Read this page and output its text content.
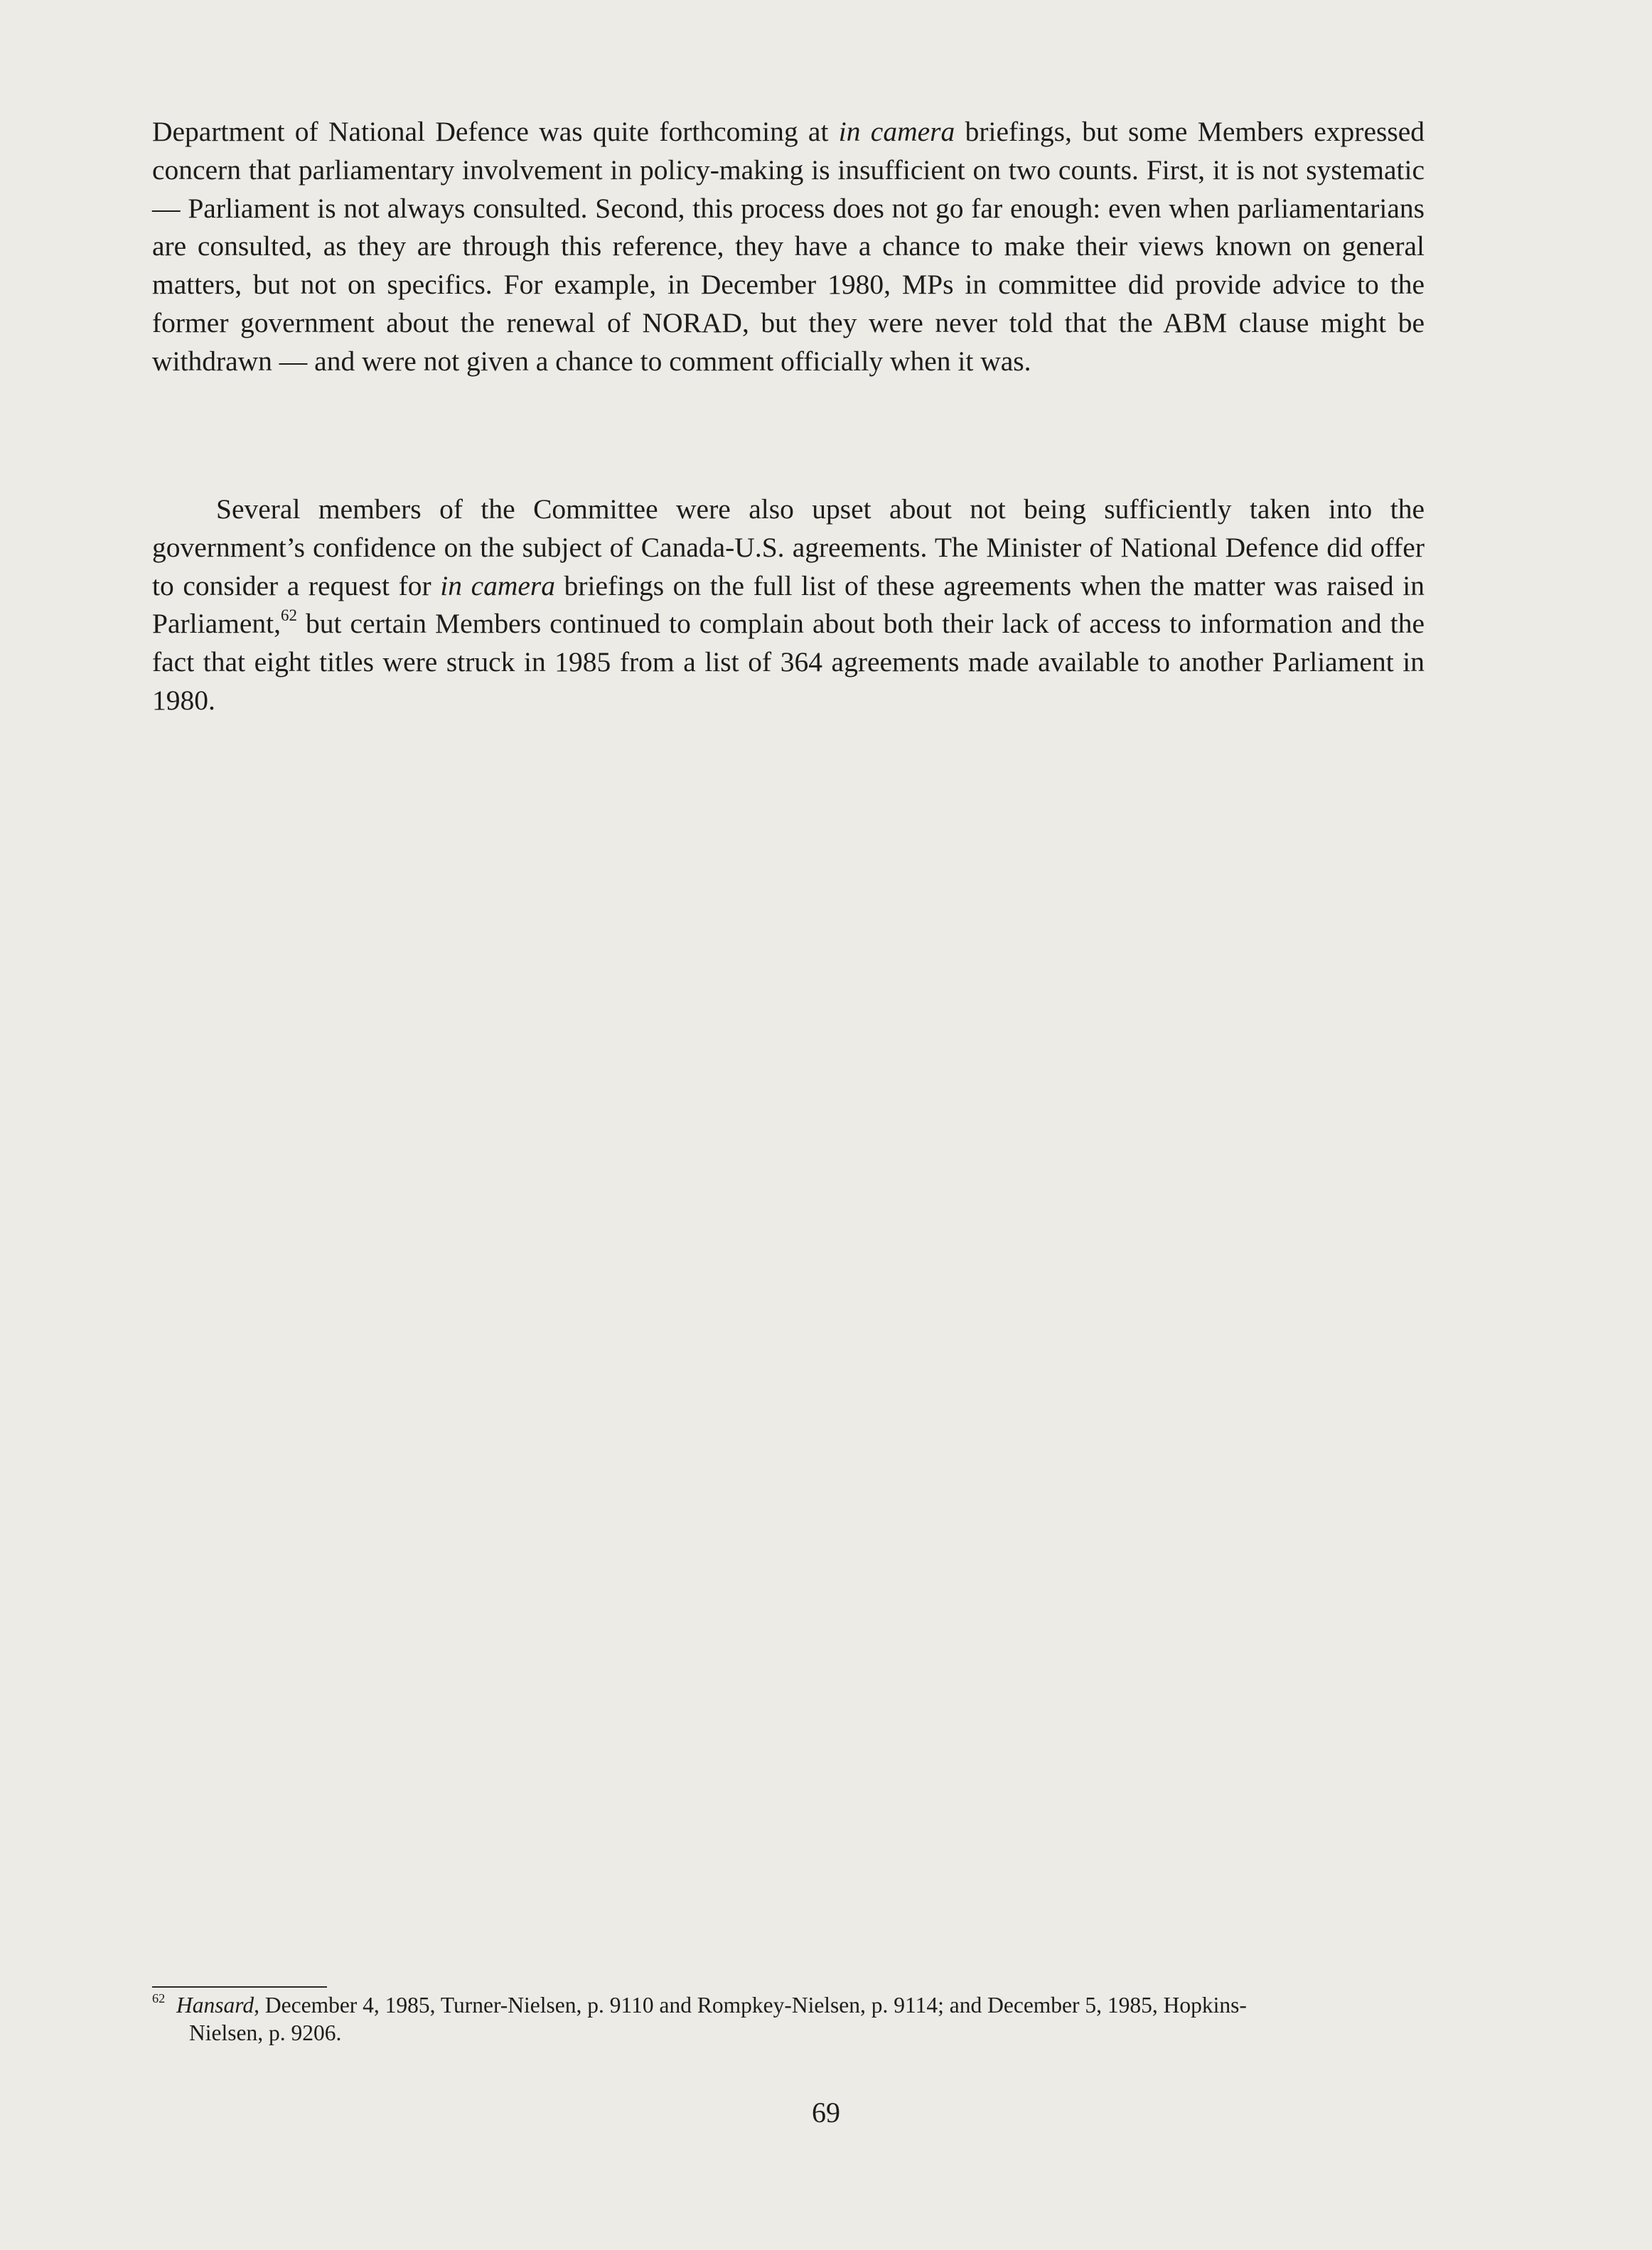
Department of National Defence was quite forthcoming at in camera briefings, but some Members expressed concern that parliamentary involvement in policy-making is insufficient on two counts. First, it is not systematic — Parliament is not always consulted. Second, this process does not go far enough: even when parliamentarians are consulted, as they are through this reference, they have a chance to make their views known on general matters, but not on specifics. For example, in December 1980, MPs in committee did provide advice to the former government about the renewal of NORAD, but they were never told that the ABM clause might be withdrawn — and were not given a chance to comment officially when it was.

Several members of the Committee were also upset about not being sufficiently taken into the government’s confidence on the subject of Canada-U.S. agreements. The Minister of National Defence did offer to consider a request for in camera briefings on the full list of these agreements when the matter was raised in Parliament,$^{62}$ but certain Members continued to complain about both their lack of access to information and the fact that eight titles were struck in 1985 from a list of 364 agreements made available to another Parliament in 1980.

$^{62}$ Hansard, December 4, 1985, Turner-Nielsen, p. 9110 and Rompkey-Nielsen, p. 9114; and December 5, 1985, Hopkins-
Nielsen, p. 9206.

69
